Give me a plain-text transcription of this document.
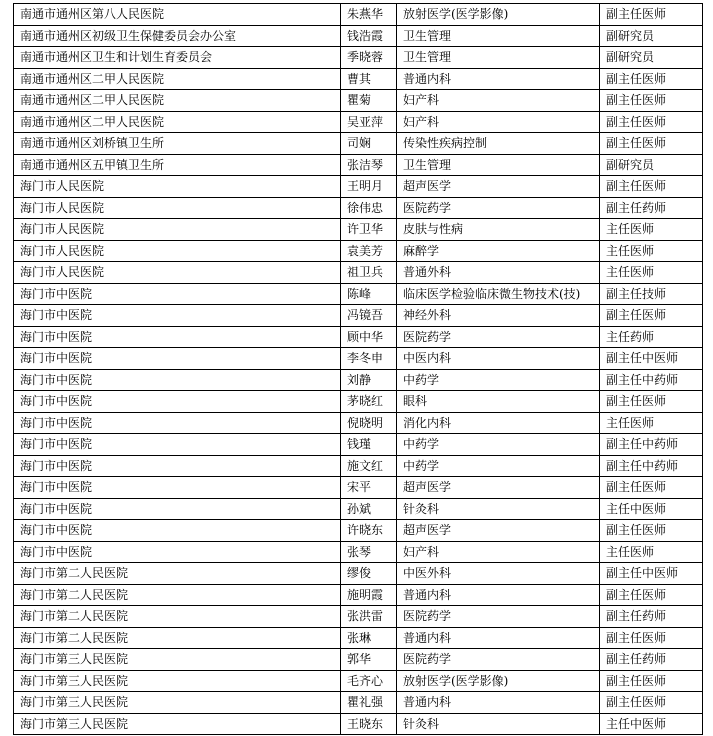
南通市通州区第八人民医院	朱燕华	放射医学(医学影像)	副主任医师
南通市通州区初级卫生保健委员会办公室	钱浩霞	卫生管理	副研究员
南通市通州区卫生和计划生育委员会	季晓蓉	卫生管理	副研究员
南通市通州区二甲人民医院	曹其	普通内科	副主任医师
南通市通州区二甲人民医院	瞿菊	妇产科	副主任医师
南通市通州区二甲人民医院	吴亚萍	妇产科	副主任医师
南通市通州区刘桥镇卫生所	司娴	传染性疾病控制	副主任医师
南通市通州区五甲镇卫生所	张洁琴	卫生管理	副研究员
海门市人民医院	王明月	超声医学	副主任医师
海门市人民医院	徐伟忠	医院药学	副主任药师
海门市人民医院	许卫华	皮肤与性病	主任医师
海门市人民医院	袁美芳	麻醉学	主任医师
海门市人民医院	祖卫兵	普通外科	主任医师
海门市中医院	陈峰	临床医学检验临床微生物技术(技)	副主任技师
海门市中医院	冯镜吾	神经外科	副主任医师
海门市中医院	顾中华	医院药学	主任药师
海门市中医院	李冬申	中医内科	副主任中医师
海门市中医院	刘静	中药学	副主任中药师
海门市中医院	茅晓红	眼科	副主任医师
海门市中医院	倪晓明	消化内科	主任医师
海门市中医院	钱瑾	中药学	副主任中药师
海门市中医院	施文红	中药学	副主任中药师
海门市中医院	宋平	超声医学	副主任医师
海门市中医院	孙斌	针灸科	主任中医师
海门市中医院	许晓东	超声医学	副主任医师
海门市中医院	张琴	妇产科	主任医师
海门市第二人民医院	缪俊	中医外科	副主任中医师
海门市第二人民医院	施明霞	普通内科	副主任医师
海门市第二人民医院	张洪雷	医院药学	副主任药师
海门市第二人民医院	张琳	普通内科	副主任医师
海门市第三人民医院	郭华	医院药学	副主任药师
海门市第三人民医院	毛齐心	放射医学(医学影像)	副主任医师
海门市第三人民医院	瞿礼强	普通内科	副主任医师
海门市第三人民医院	王晓东	针灸科	主任中医师
